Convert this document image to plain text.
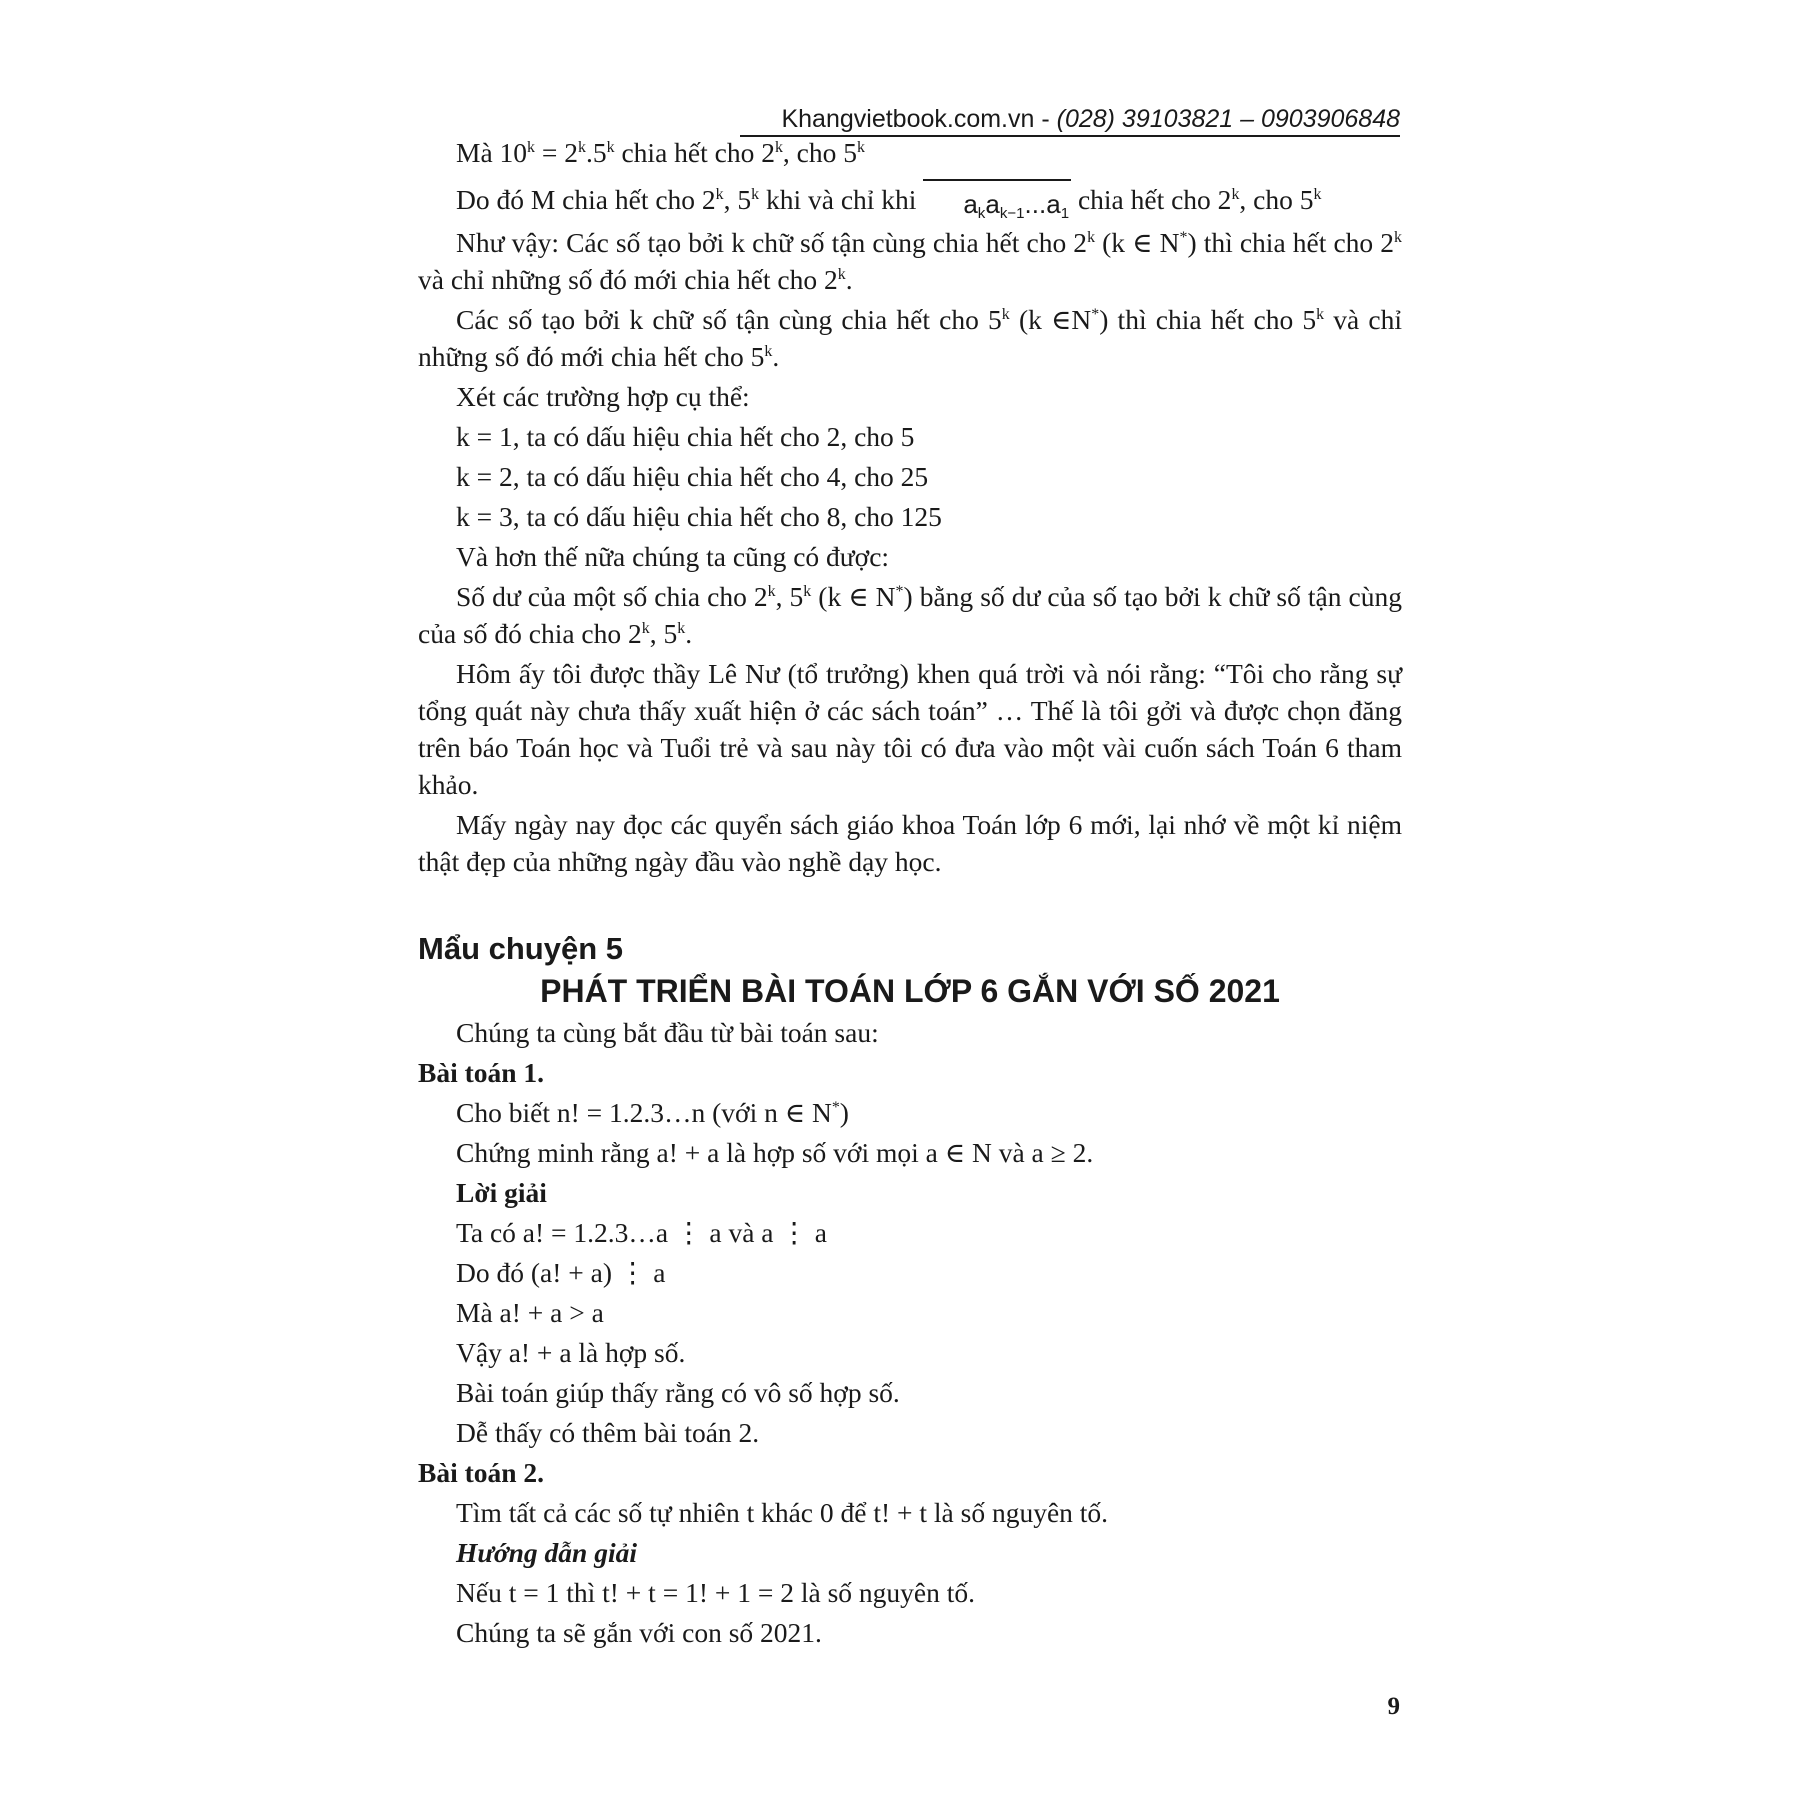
Khangvietbook.com.vn - (028) 39103821 – 0903906848

Mà $10^k = 2^k.5^k$ chia hết cho 2$^k$, cho 5$^k$

Do đó M chia hết cho 2$^k$, 5$^k$ khi và chỉ khi $a_ka_{k-1}...a_1$ chia hết cho 2$^k$, cho 5$^k$

Như vậy: Các số tạo bởi k chữ số tận cùng chia hết cho 2$^k$ (k ∈ N*) thì chia hết cho 2$^k$ và chỉ những số đó mới chia hết cho 2$^k$.

Các số tạo bởi k chữ số tận cùng chia hết cho 5$^k$ (k ∈N*) thì chia hết cho 5$^k$ và chỉ những số đó mới chia hết cho 5$^k$.

Xét các trường hợp cụ thể:

k = 1, ta có dấu hiệu chia hết cho 2, cho 5

k = 2, ta có dấu hiệu chia hết cho 4, cho 25

k = 3, ta có dấu hiệu chia hết cho 8, cho 125

Và hơn thế nữa chúng ta cũng có được:

Số dư của một số chia cho 2$^k$, 5$^k$ (k ∈ N*) bằng số dư của số tạo bởi k chữ số tận cùng của số đó chia cho 2$^k$, 5$^k$.

Hôm ấy tôi được thầy Lê Nư (tổ trưởng) khen quá trời và nói rằng: “Tôi cho rằng sự tổng quát này chưa thấy xuất hiện ở các sách toán” … Thế là tôi gởi và được chọn đăng trên báo Toán học và Tuổi trẻ và sau này tôi có đưa vào một vài cuốn sách Toán 6 tham khảo.

Mấy ngày nay đọc các quyển sách giáo khoa Toán lớp 6 mới, lại nhớ về một kỉ niệm thật đẹp của những ngày đầu vào nghề dạy học.

Mẩu chuyện 5

PHÁT TRIỂN BÀI TOÁN LỚP 6 GẮN VỚI SỐ 2021

Chúng ta cùng bắt đầu từ bài toán sau:

Bài toán 1.

Cho biết n! = 1.2.3…n (với n ∈ N*)

Chứng minh rằng a! + a là hợp số với mọi a ∈ N và a ≥ 2.

Lời giải

Ta có a! = 1.2.3…a ⋮ a và a ⋮ a

Do đó (a! + a) ⋮ a

Mà a! + a > a

Vậy a! + a là hợp số.

Bài toán giúp thấy rằng có vô số hợp số.

Dễ thấy có thêm bài toán 2.

Bài toán 2.

Tìm tất cả các số tự nhiên t khác 0 để t! + t là số nguyên tố.

Hướng dẫn giải

Nếu t = 1 thì t! + t = 1! + 1 = 2 là số nguyên tố.

Chúng ta sẽ gắn với con số 2021.

9
